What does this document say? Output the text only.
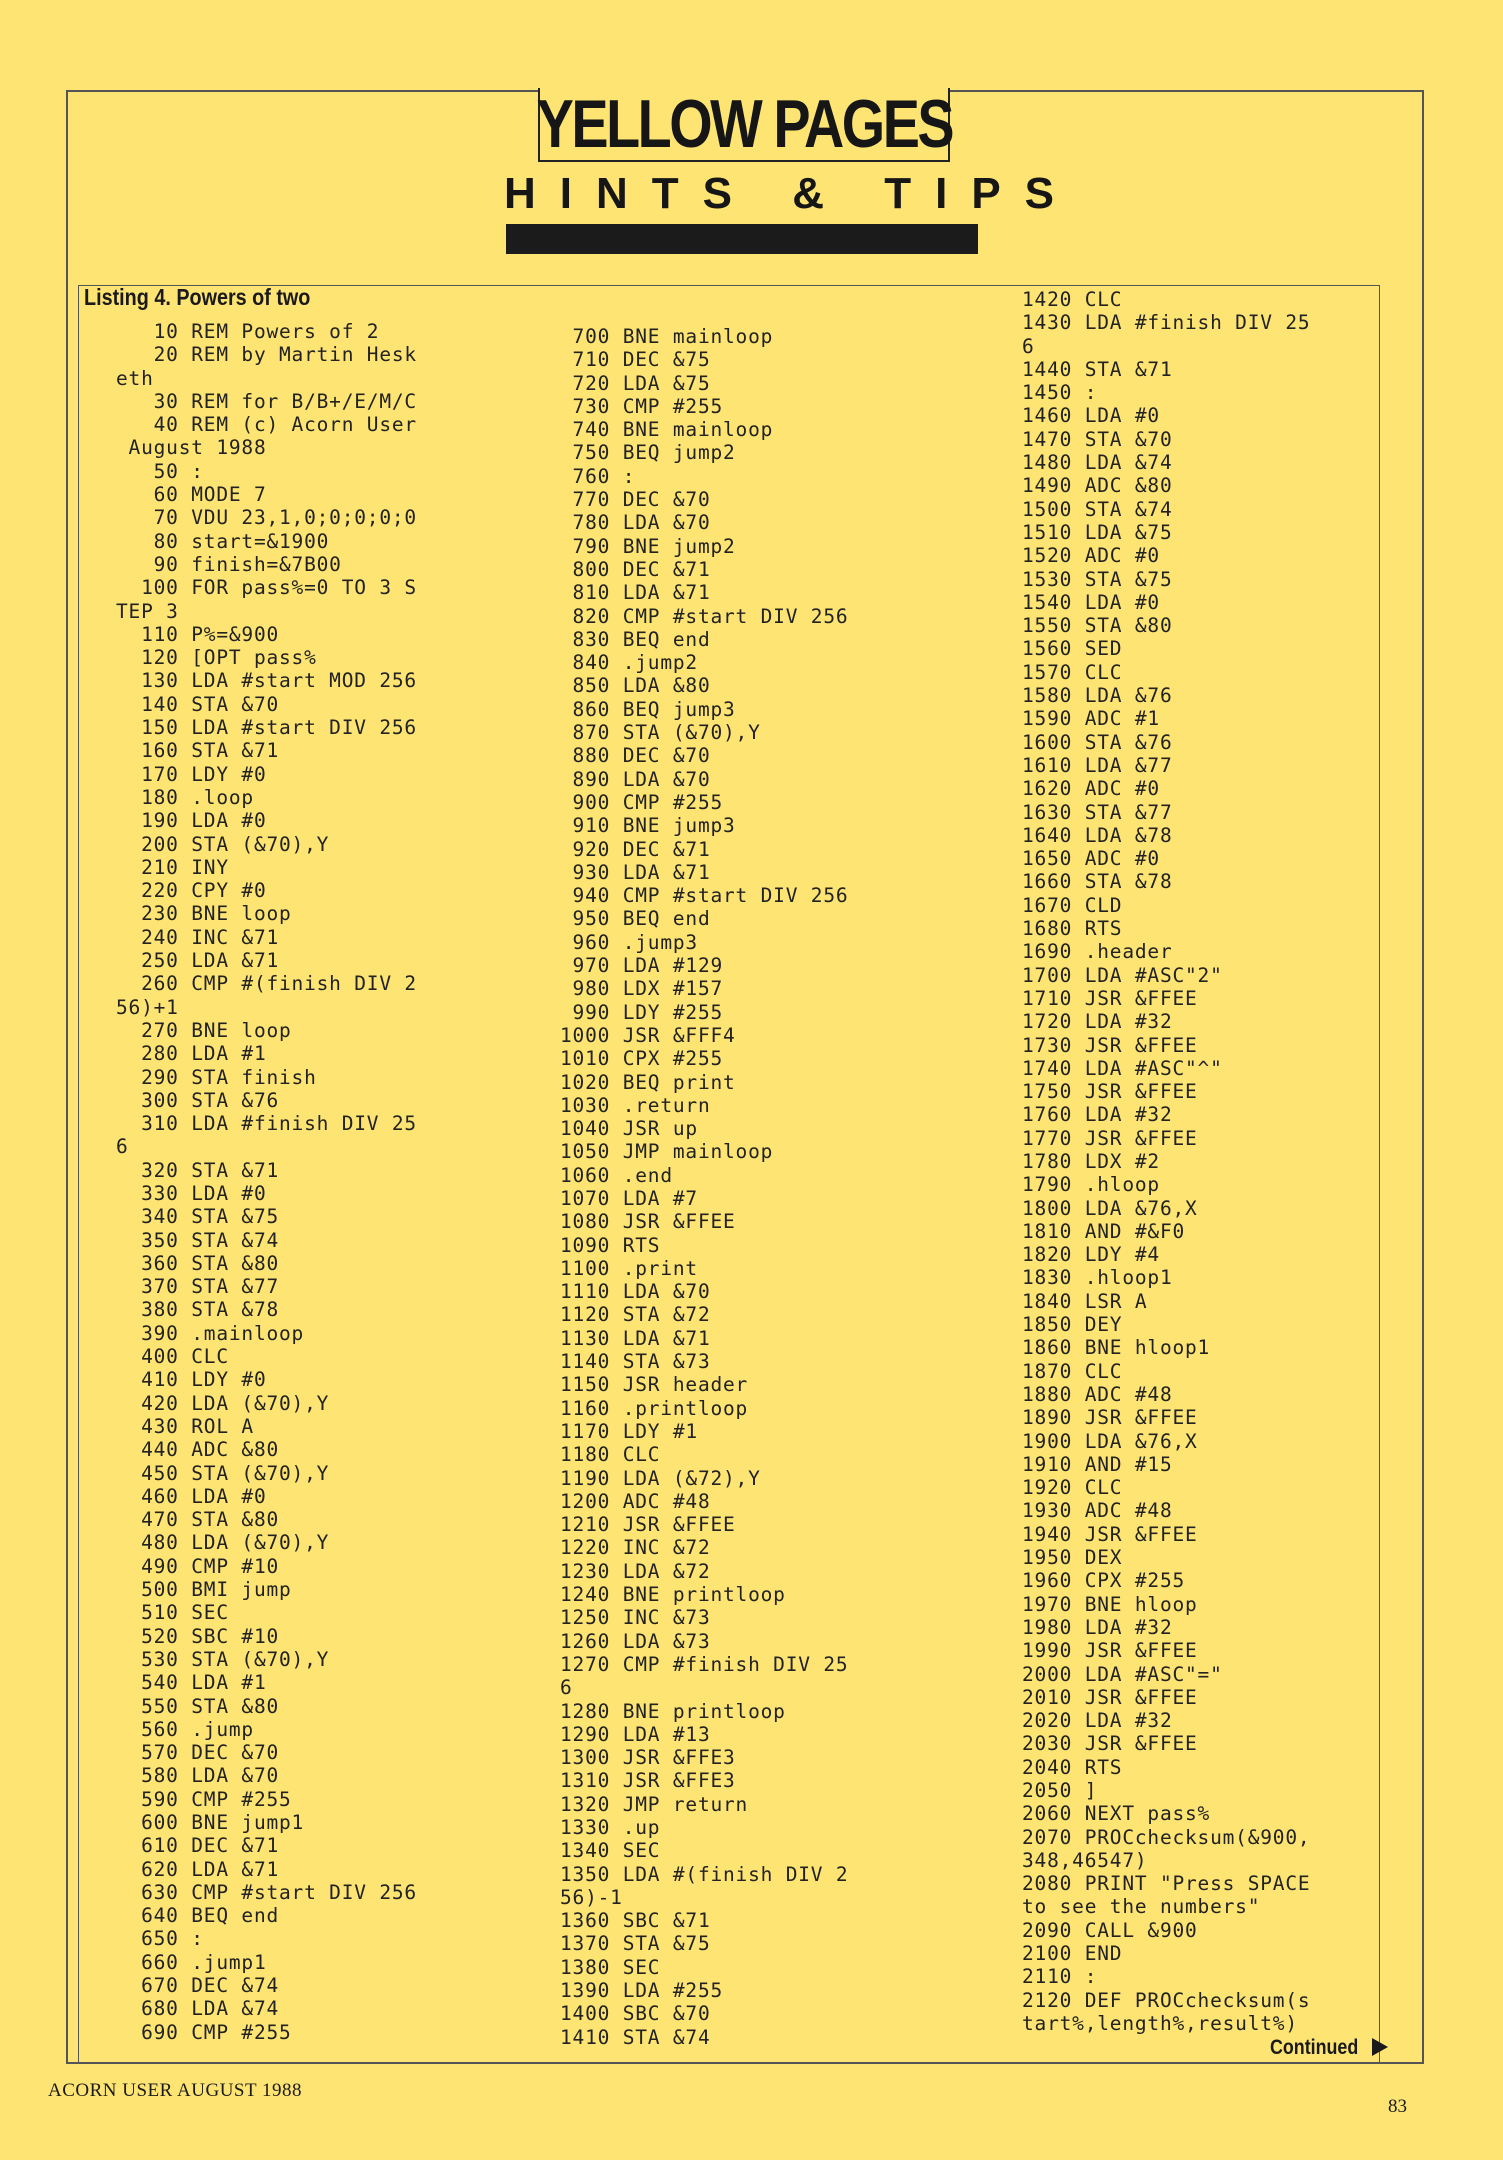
YELLOW PAGES
HINTS & TIPS
Listing 4. Powers of two
10 REM Powers of 2
20 REM by Martin Hesk
eth
30 REM for B/B+/E/M/C
40 REM (c) Acorn User
August 1988
50 :
60 MODE 7
70 VDU 23,1,0;0;0;0;0
80 start=&1900
90 finish=&7B00
100 FOR pass%=0 TO 3 S
TEP 3
110 P%=&900
120 [OPT pass%
130 LDA #start MOD 256
140 STA &70
150 LDA #start DIV 256
160 STA &71
170 LDY #0
180 .loop
190 LDA #0
200 STA (&70),Y
210 INY
220 CPY #0
230 BNE loop
240 INC &71
250 LDA &71
260 CMP #(finish DIV 2
56)+1
270 BNE loop
280 LDA #1
290 STA finish
300 STA &76
310 LDA #finish DIV 25
6
320 STA &71
330 LDA #0
340 STA &75
350 STA &74
360 STA &80
370 STA &77
380 STA &78
390 .mainloop
400 CLC
410 LDY #0
420 LDA (&70),Y
430 ROL A
440 ADC &80
450 STA (&70),Y
460 LDA #0
470 STA &80
480 LDA (&70),Y
490 CMP #10
500 BMI jump
510 SEC
520 SBC #10
530 STA (&70),Y
540 LDA #1
550 STA &80
560 .jump
570 DEC &70
580 LDA &70
590 CMP #255
600 BNE jump1
610 DEC &71
620 LDA &71
630 CMP #start DIV 256
640 BEQ end
650 :
660 .jump1
670 DEC &74
680 LDA &74
690 CMP #255

700 BNE mainloop
710 DEC &75
720 LDA &75
730 CMP #255
740 BNE mainloop
750 BEQ jump2
760 :
770 DEC &70
780 LDA &70
790 BNE jump2
800 DEC &71
810 LDA &71
820 CMP #start DIV 256
830 BEQ end
840 .jump2
850 LDA &80
860 BEQ jump3
870 STA (&70),Y
880 DEC &70
890 LDA &70
900 CMP #255
910 BNE jump3
920 DEC &71
930 LDA &71
940 CMP #start DIV 256
950 BEQ end
960 .jump3
970 LDA #129
980 LDX #157
990 LDY #255
1000 JSR &FFF4
1010 CPX #255
1020 BEQ print
1030 .return
1040 JSR up
1050 JMP mainloop
1060 .end
1070 LDA #7
1080 JSR &FFEE
1090 RTS
1100 .print
1110 LDA &70
1120 STA &72
1130 LDA &71
1140 STA &73
1150 JSR header
1160 .printloop
1170 LDY #1
1180 CLC
1190 LDA (&72),Y
1200 ADC #48
1210 JSR &FFEE
1220 INC &72
1230 LDA &72
1240 BNE printloop
1250 INC &73
1260 LDA &73
1270 CMP #finish DIV 25
6
1280 BNE printloop
1290 LDA #13
1300 JSR &FFE3
1310 JSR &FFE3
1320 JMP return
1330 .up
1340 SEC
1350 LDA #(finish DIV 2
56)-1
1360 SBC &71
1370 STA &75
1380 SEC
1390 LDA #255
1400 SBC &70
1410 STA &74

1420 CLC
1430 LDA #finish DIV 25
6
1440 STA &71
1450 :
1460 LDA #0
1470 STA &70
1480 LDA &74
1490 ADC &80
1500 STA &74
1510 LDA &75
1520 ADC #0
1530 STA &75
1540 LDA #0
1550 STA &80
1560 SED
1570 CLC
1580 LDA &76
1590 ADC #1
1600 STA &76
1610 LDA &77
1620 ADC #0
1630 STA &77
1640 LDA &78
1650 ADC #0
1660 STA &78
1670 CLD
1680 RTS
1690 .header
1700 LDA #ASC"2"
1710 JSR &FFEE
1720 LDA #32
1730 JSR &FFEE
1740 LDA #ASC"^"
1750 JSR &FFEE
1760 LDA #32
1770 JSR &FFEE
1780 LDX #2
1790 .hloop
1800 LDA &76,X
1810 AND #&F0
1820 LDY #4
1830 .hloop1
1840 LSR A
1850 DEY
1860 BNE hloop1
1870 CLC
1880 ADC #48
1890 JSR &FFEE
1900 LDA &76,X
1910 AND #15
1920 CLC
1930 ADC #48
1940 JSR &FFEE
1950 DEX
1960 CPX #255
1970 BNE hloop
1980 LDA #32
1990 JSR &FFEE
2000 LDA #ASC"="
2010 JSR &FFEE
2020 LDA #32
2030 JSR &FFEE
2040 RTS
2050 ]
2060 NEXT pass%
2070 PROCchecksum(&900,
348,46547)
2080 PRINT "Press SPACE
to see the numbers"
2090 CALL &900
2100 END
2110 :
2120 DEF PROCchecksum(s
tart%,length%,result%)

Continued
ACORN USER AUGUST 1988
83
